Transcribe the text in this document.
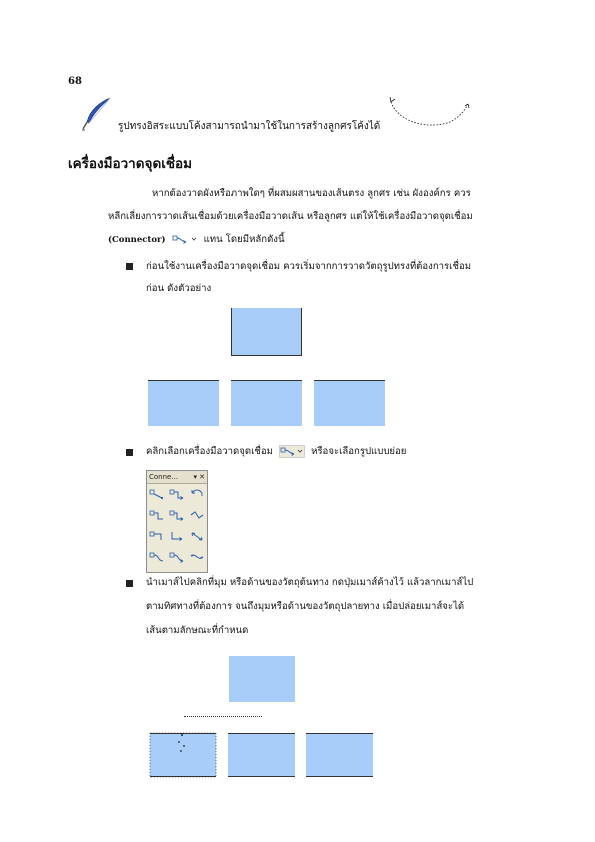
68
รูปทรงอิสระแบบโค้งสามารถนำมาใช้ในการสร้างลูกศรโค้งได้
เครื่องมือวาดจุดเชื่อม
หากต้องวาดผังหรือภาพใดๆ ที่ผสมผสานของเส้นตรง ลูกศร เช่น ผังองค์กร ควร
หลีกเลี่ยงการวาดเส้นเชื่อมด้วยเครื่องมือวาดเส้น หรือลูกศร แต่ให้ใช้เครื่องมือวาดจุดเชื่อม
(Connector)	แทน โดยมีหลักดังนี้
ก่อนใช้งานเครื่องมือวาดจุดเชื่อม ควรเริ่มจากการวาดวัตถุรูปทรงที่ต้องการเชื่อม
ก่อน ดังตัวอย่าง
คลิกเลือกเครื่องมือวาดจุดเชื่อม	หรือจะเลือกรูปแบบย่อย
Conne...	▾ ✕
นำเมาส์ไปคลิกที่มุม หรือด้านของวัตถุต้นทาง กดปุ่มเมาส์ค้างไว้ แล้วลากเมาส์ไป
ตามทิศทางที่ต้องการ จนถึงมุมหรือด้านของวัตถุปลายทาง เมื่อปล่อยเมาส์จะได้
เส้นตามลักษณะที่กำหนด
